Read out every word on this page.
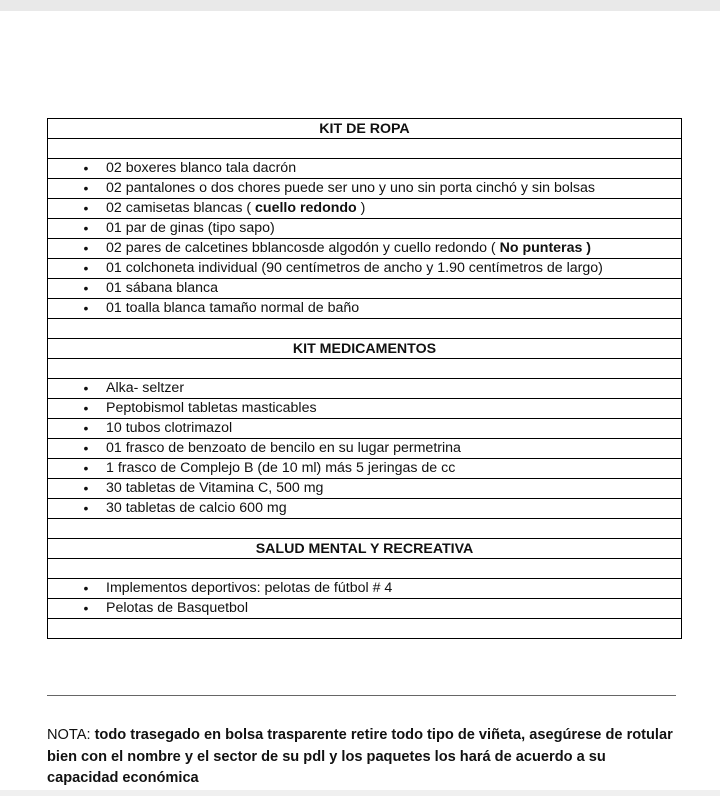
KIT DE ROPA

• 02 boxeres blanco tala dacrón

• 02 pantalones o dos chores puede ser uno y uno sin porta cinchó y sin bolsas

• 02 camisetas blancas ( cuello redondo )

• 01 par de ginas (tipo sapo)

• 02 pares de calcetines bblancosde algodón y cuello redondo ( No punteras )

• 01 colchoneta individual (90 centímetros de ancho y 1.90 centímetros de largo)

• 01 sábana blanca

• 01 toalla blanca tamaño normal de baño

KIT MEDICAMENTOS

• Alka- seltzer

• Peptobismol tabletas masticables

• 10 tubos clotrimazol

• 01 frasco de benzoato de bencilo en su lugar permetrina

• 1 frasco de Complejo B (de 10 ml) más 5 jeringas de cc

• 30 tabletas de Vitamina C, 500 mg

• 30 tabletas de calcio 600 mg

SALUD MENTAL Y RECREATIVA

• Implementos deportivos: pelotas de fútbol # 4

• Pelotas de Basquetbol

NOTA: todo trasegado en bolsa trasparente retire todo tipo de viñeta, asegúrese de rotular bien con el nombre y el sector de su pdl y los paquetes los hará de acuerdo a su capacidad económica
